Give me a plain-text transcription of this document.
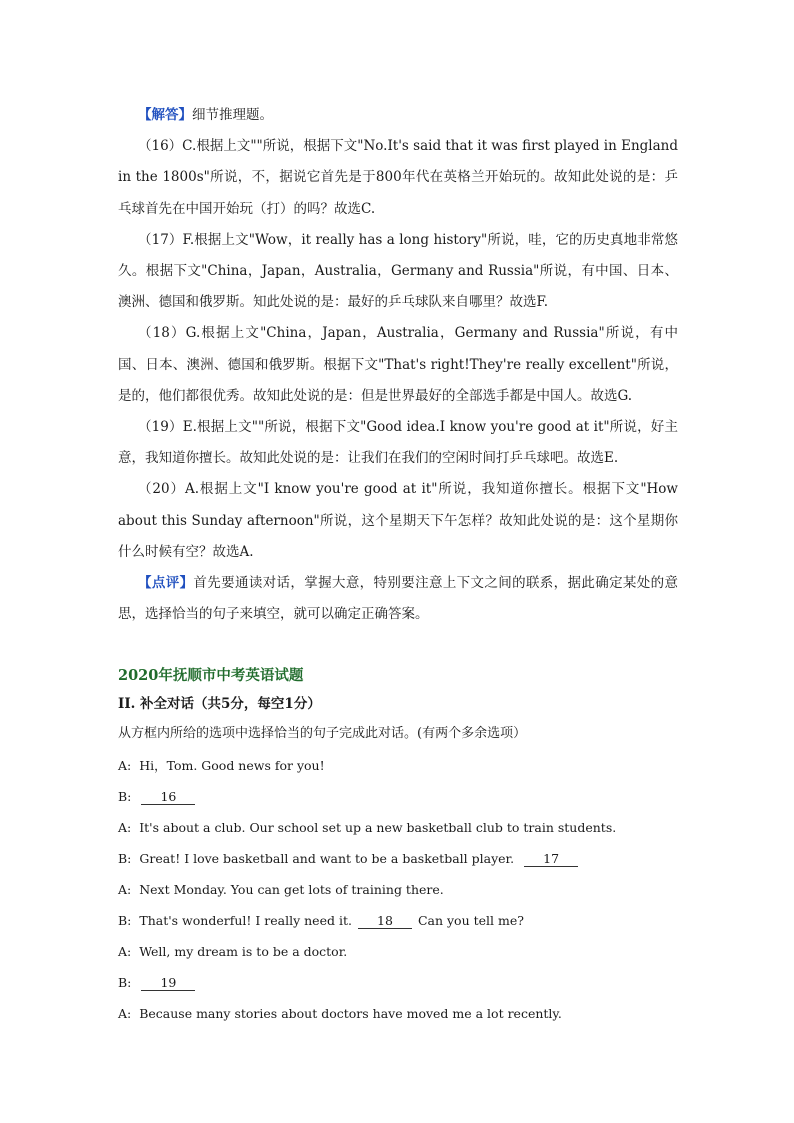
【解答】细节推理题。

（16）C.根据上文""所说，根据下文"No.It's said that it was first played in England in the 1800s"所说，不，据说它首先是于800年代在英格兰开始玩的。故知此处说的是：乒乓球首先在中国开始玩（打）的吗？故选C.

（17）F.根据上文"Wow，it really has a long history"所说，哇，它的历史真地非常悠久。根据下文"China，Japan，Australia，Germany and Russia"所说，有中国、日本、澳洲、德国和俄罗斯。知此处说的是：最好的乒乓球队来自哪里？故选F.

（18）G.根据上文"China，Japan，Australia，Germany and Russia"所说，有中国、日本、澳洲、德国和俄罗斯。根据下文"That's right!They're really excellent"所说，是的，他们都很优秀。故知此处说的是：但是世界最好的全部选手都是中国人。故选G.

（19）E.根据上文""所说，根据下文"Good idea.I know you're good at it"所说，好主意，我知道你擅长。故知此处说的是：让我们在我们的空闲时间打乒乓球吧。故选E.

（20）A.根据上文"I know you're good at it"所说，我知道你擅长。根据下文"How about this Sunday afternoon"所说，这个星期天下午怎样？故知此处说的是：这个星期你什么时候有空？故选A.

【点评】首先要通读对话，掌握大意，特别要注意上下文之间的联系，据此确定某处的意思，选择恰当的句子来填空，就可以确定正确答案。

2020年抚顺市中考英语试题
II. 补全对话（共5分，每空1分）
从方框内所给的选项中选择恰当的句子完成此对话。(有两个多余选项）
A: Hi，Tom. Good news for you!
B: 16
A: It's about a club. Our school set up a new basketball club to train students.
B: Great! I love basketball and want to be a basketball player. 17
A: Next Monday. You can get lots of training there.
B: That's wonderful! I really need it. 18 Can you tell me?
A: Well, my dream is to be a doctor.
B: 19
A: Because many stories about doctors have moved me a lot recently.
